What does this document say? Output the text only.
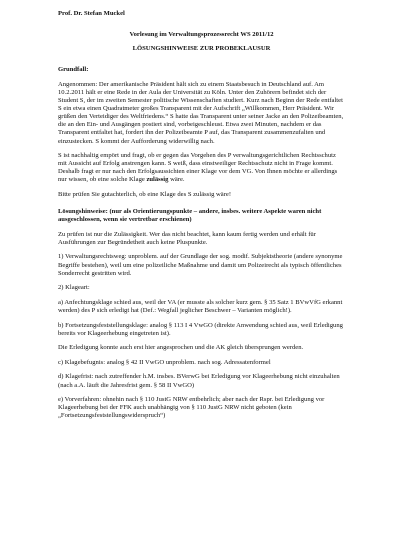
Prof. Dr. Stefan Muckel

Vorlesung im Verwaltungsprozessrecht WS 2011/12

LÖSUNGSHINWEISE ZUR PROBEKLAUSUR

Grundfall:

Angenommen: Der amerikanische Präsident hält sich zu einem Staatsbesuch in Deutschland auf. Am 10.2.2011 hält er eine Rede in der Aula der Universität zu Köln. Unter den Zuhörern befindet sich der Student S, der im zweiten Semester politische Wissenschaften studiert. Kurz nach Beginn der Rede entfaltet S ein etwa einen Quadratmeter großes Transparent mit der Aufschrift „Willkommen, Herr Präsident. Wir grüßen den Verteidiger des Weltfriedens.“ S hatte das Transparent unter seiner Jacke an den Polizeibeamten, die an den Ein- und Ausgängen postiert sind, vorbeigeschleust. Etwa zwei Minuten, nachdem er das Transparent entfaltet hat, fordert ihn der Polizeibeamte P auf, das Transparent zusammenzufalten und einzustecken. S kommt der Aufforderung widerwillig nach.

S ist nachhaltig empört und fragt, ob er gegen das Vorgehen des P verwaltungsgerichtlichen Rechtsschutz mit Aussicht auf Erfolg anstrengen kann. S weiß, dass einstweiliger Rechtsschutz nicht in Frage kommt. Deshalb fragt er nur nach den Erfolgsaussichten einer Klage vor dem VG. Von Ihnen möchte er allerdings nur wissen, ob eine solche Klage zulässig wäre.

Bitte prüfen Sie gutachterlich, ob eine Klage des S zulässig wäre!

Lösungshinweise: (nur als Orientierungspunkte – andere, insbes. weitere Aspekte waren nicht ausgeschlossen, wenn sie vertretbar erschienen)

Zu prüfen ist nur die Zulässigkeit. Wer das nicht beachtet, kann kaum fertig werden und erhält für Ausführungen zur Begründetheit auch keine Pluspunkte.

1) Verwaltungsrechtsweg: unproblem. auf der Grundlage der sog. modif. Subjektstheorie (andere synonyme Begriffe bestehen), weil um eine polizeiliche Maßnahme und damit um Polizeirecht als typisch öffentliches Sonderrecht gestritten wird.

2) Klageart:

a) Anfechtungsklage schied aus, weil der VA (er musste als solcher kurz gem. § 35 Satz 1 BVwVfG erkannt werden) des P sich erledigt hat (Def.: Wegfall jeglicher Beschwer – Varianten möglich!).

b) Fortsetzungsfeststellungsklage: analog § 113 I 4 VwGO (direkte Anwendung schied aus, weil Erledigung bereits vor Klageerhebung eingetreten ist).

Die Erledigung konnte auch erst hier angesprochen und die AK gleich übersprungen werden.

c) Klagebefugnis: analog § 42 II VwGO unproblem. nach sog. Adressatenformel

d) Klagefrist: nach zutreffender h.M. insbes. BVerwG bei Erledigung vor Klageerhebung nicht einzuhalten (nach a.A. läuft die Jahresfrist gem. § 58 II VwGO)

e) Vorverfahren: ohnehin nach § 110 JustG NRW entbehrlich; aber nach der Rspr. bei Erledigung vor Klageerhebung bei der FFK auch unabhängig von § 110 JustG NRW nicht geboten (kein „Fortsetzungsfeststellungswiderspruch“)
